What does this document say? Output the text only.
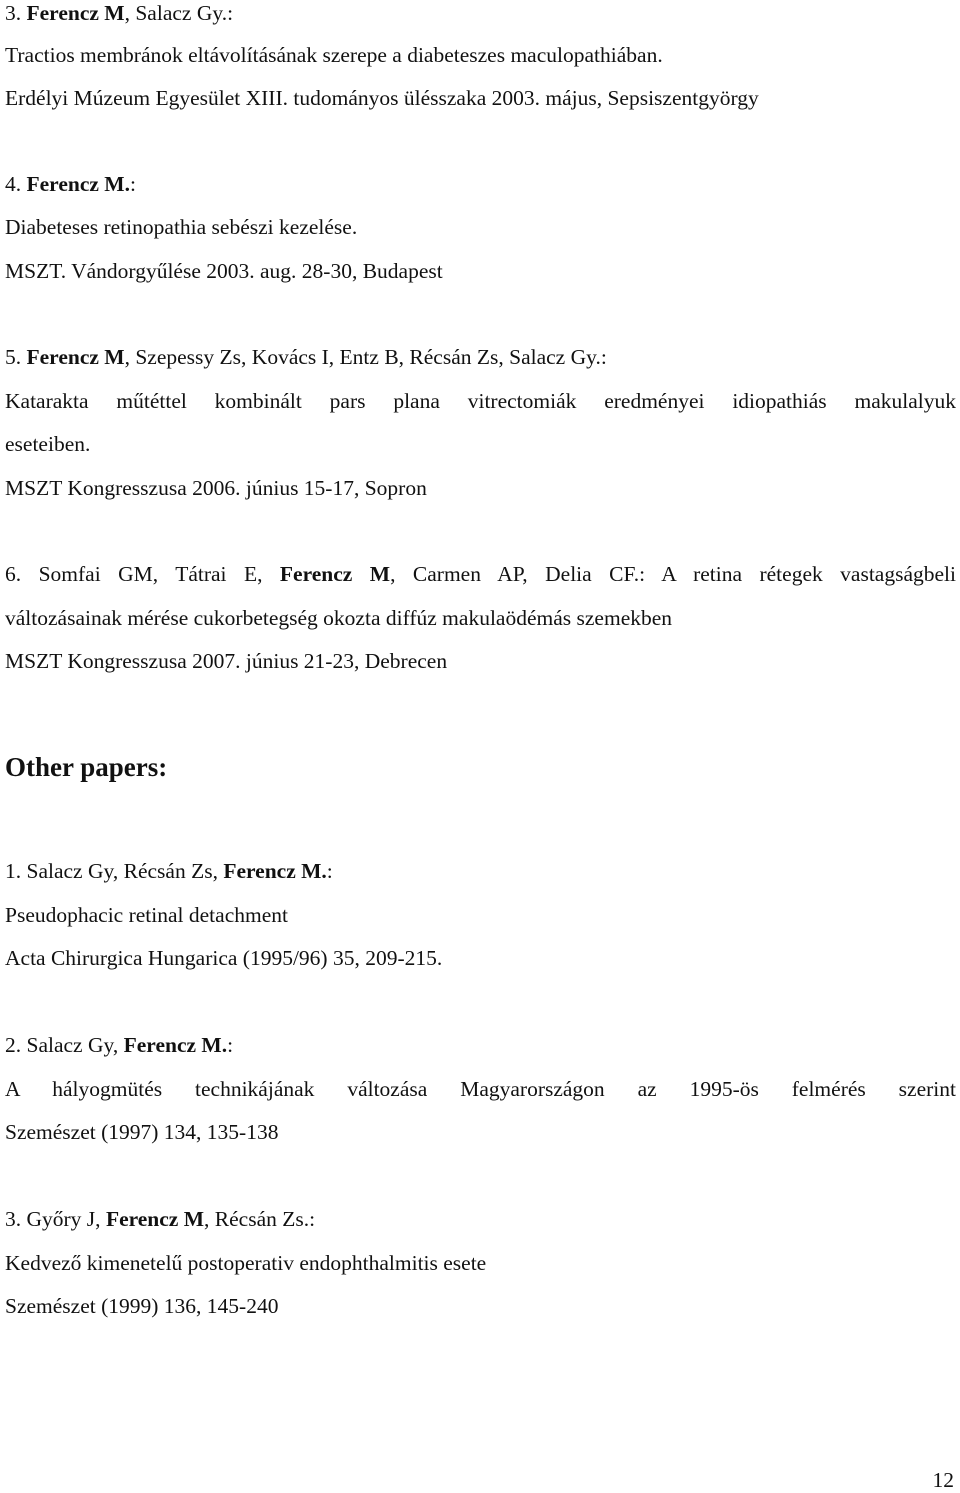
3. Ferencz M, Salacz Gy.:
Tractios membránok eltávolításának szerepe a diabeteszes maculopathiában.
Erdélyi Múzeum Egyesület XIII. tudományos ülésszaka 2003. május, Sepsiszentgyörgy
4. Ferencz M.:
Diabeteses retinopathia sebészi kezelése.
MSZT. Vándorgyűlése 2003. aug. 28-30, Budapest
5. Ferencz M, Szepessy Zs, Kovács I, Entz B, Récsán Zs, Salacz Gy.:
Katarakta műtéttel kombinált pars plana vitrectomiák eredményei idiopathiás makulalyuk
eseteiben.
MSZT Kongresszusa 2006. június 15-17, Sopron
6. Somfai GM, Tátrai E, Ferencz M, Carmen AP, Delia CF.: A retina rétegek vastagságbeli
változásainak mérése cukorbetegség okozta diffúz makulaödémás szemekben
MSZT Kongresszusa 2007. június 21-23, Debrecen
Other papers:
1. Salacz Gy, Récsán Zs, Ferencz M.:
Pseudophacic retinal detachment
Acta Chirurgica Hungarica (1995/96) 35, 209-215.
2. Salacz Gy, Ferencz M.:
A hályogmütés technikájának változása Magyarországon az 1995-ös felmérés szerint
Szemészet (1997) 134, 135-138
3. Győry J, Ferencz M, Récsán Zs.:
Kedvező kimenetelű postoperativ endophthalmitis esete
Szemészet (1999) 136, 145-240
12
